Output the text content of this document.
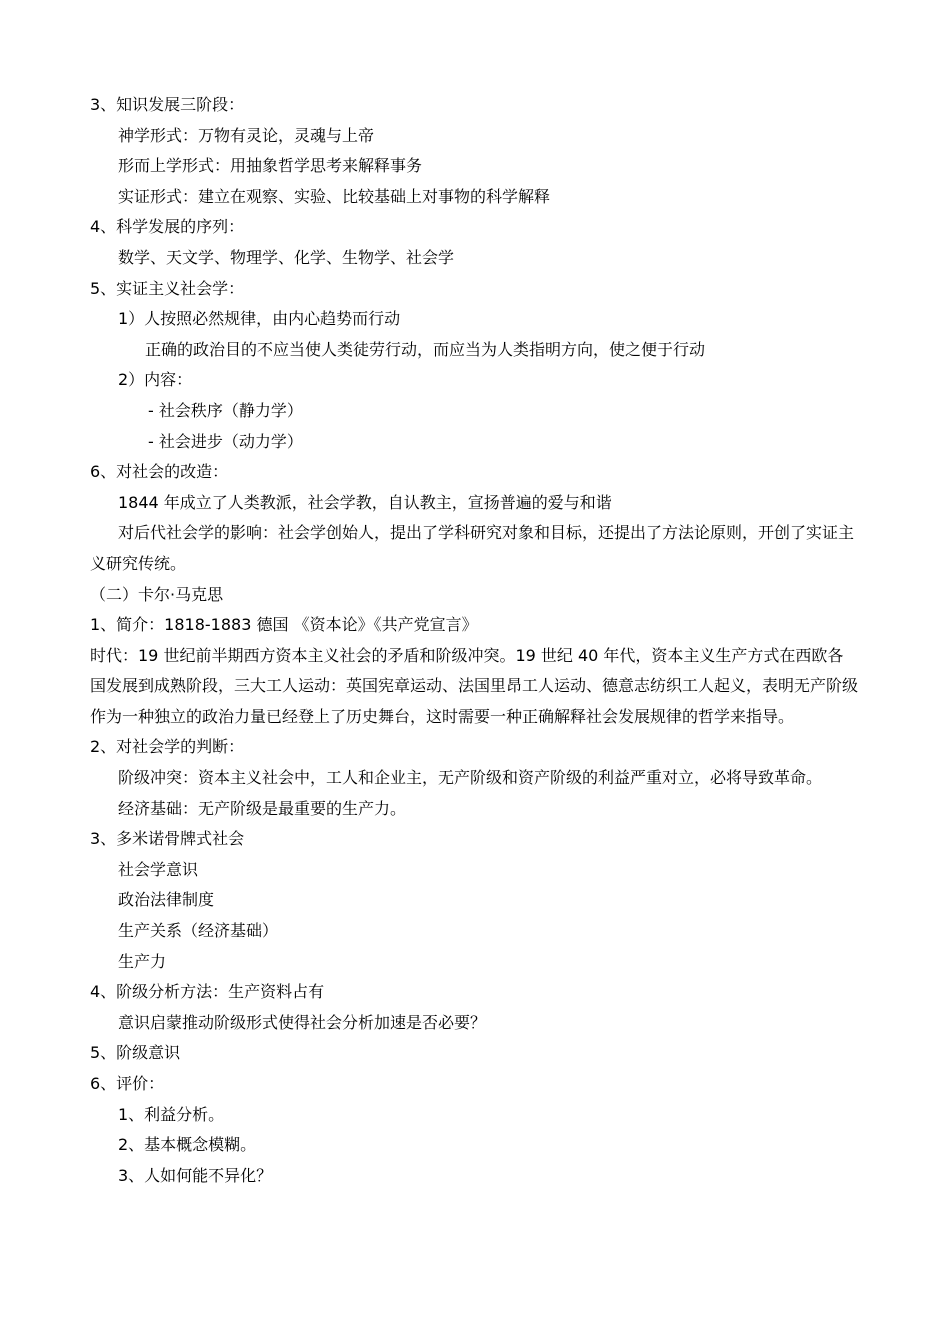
3、知识发展三阶段：

神学形式：万物有灵论，灵魂与上帝

形而上学形式：用抽象哲学思考来解释事务

实证形式：建立在观察、实验、比较基础上对事物的科学解释

4、科学发展的序列：

数学、天文学、物理学、化学、生物学、社会学

5、实证主义社会学：

1）人按照必然规律，由内心趋势而行动

正确的政治目的不应当使人类徒劳行动，而应当为人类指明方向，使之便于行动

2）内容：

- 社会秩序（静力学）

- 社会进步（动力学）

6、对社会的改造：

1844 年成立了人类教派，社会学教，自认教主，宣扬普遍的爱与和谐

对后代社会学的影响：社会学创始人，提出了学科研究对象和目标，还提出了方法论原则，开创了实证主义研究传统。

（二）卡尔·马克思

1、简介：1818-1883 德国 《资本论》《共产党宣言》

时代：19 世纪前半期西方资本主义社会的矛盾和阶级冲突。19 世纪 40 年代，资本主义生产方式在西欧各国发展到成熟阶段，三大工人运动：英国宪章运动、法国里昂工人运动、德意志纺织工人起义，表明无产阶级作为一种独立的政治力量已经登上了历史舞台，这时需要一种正确解释社会发展规律的哲学来指导。

2、对社会学的判断：

阶级冲突：资本主义社会中，工人和企业主，无产阶级和资产阶级的利益严重对立，必将导致革命。

经济基础：无产阶级是最重要的生产力。

3、多米诺骨牌式社会

社会学意识

政治法律制度

生产关系（经济基础）

生产力

4、阶级分析方法：生产资料占有

意识启蒙推动阶级形式使得社会分析加速是否必要？

5、阶级意识

6、评价：

1、利益分析。

2、基本概念模糊。

3、人如何能不异化？
